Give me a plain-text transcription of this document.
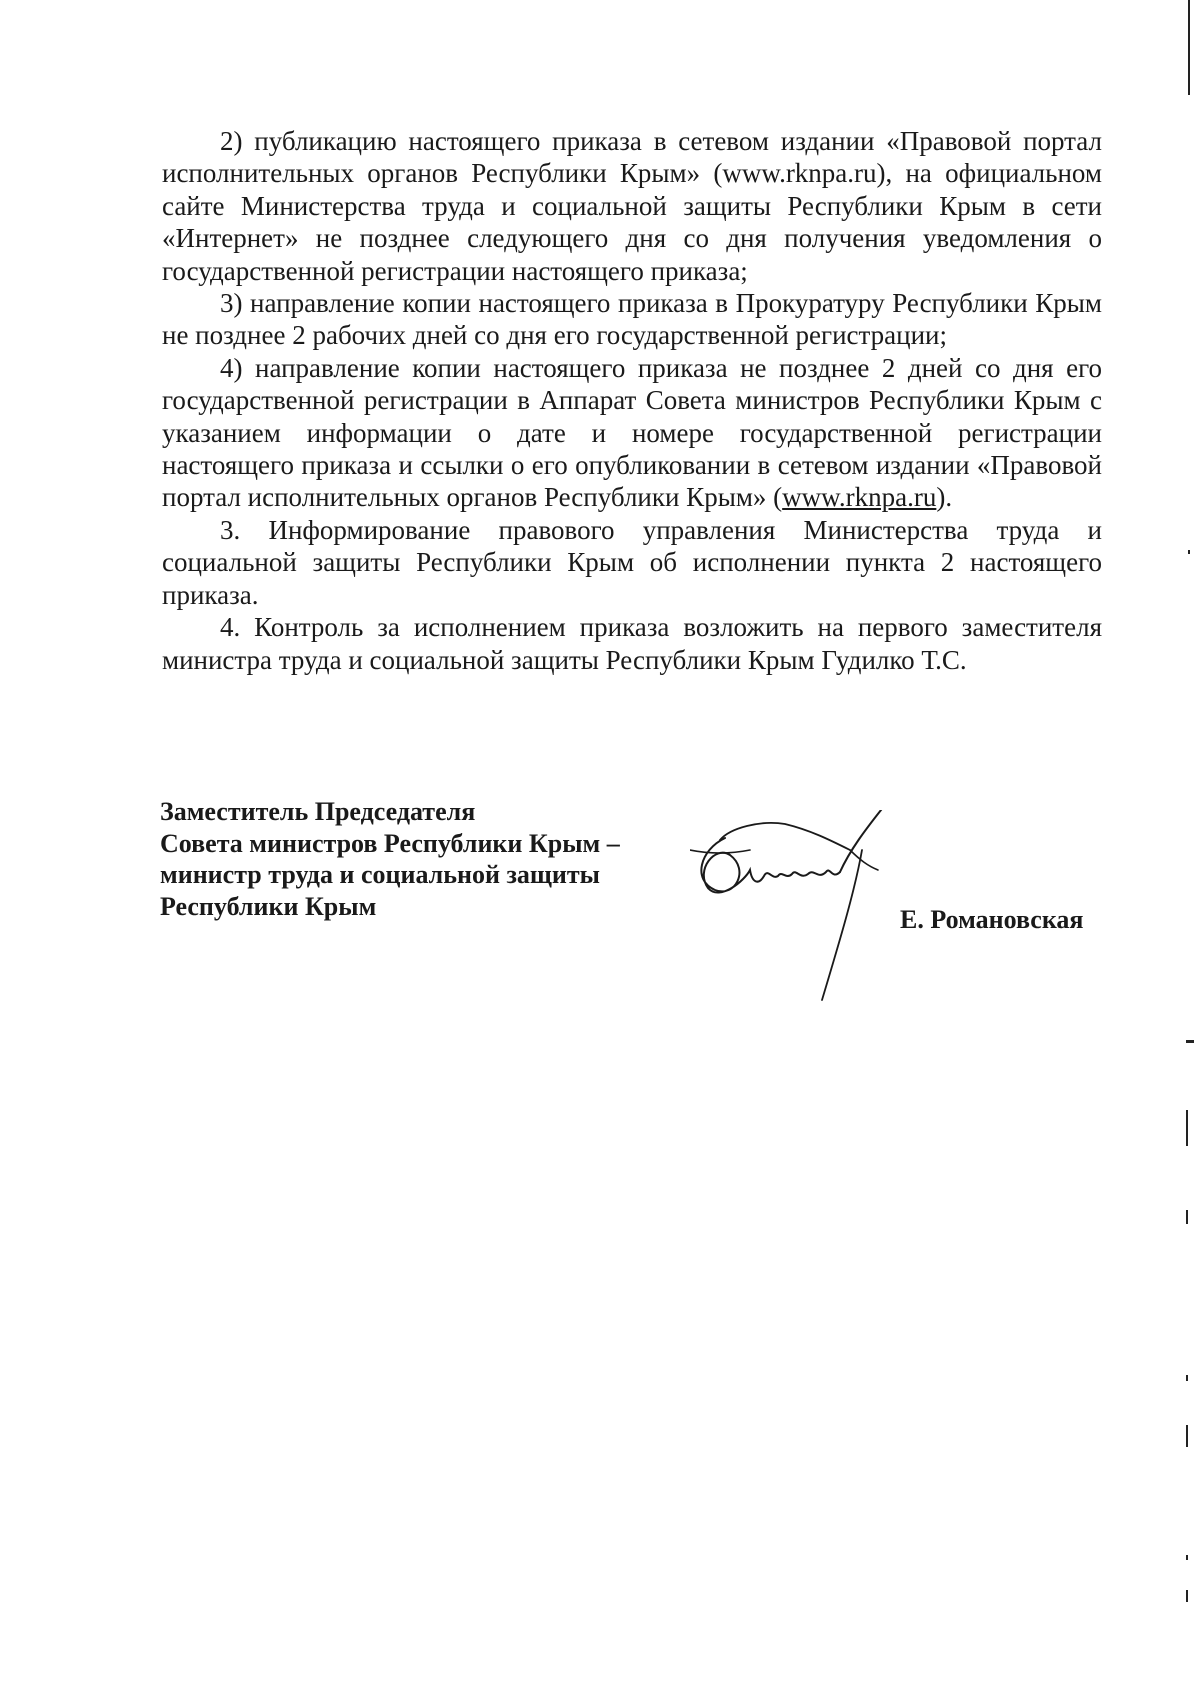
2) публикацию настоящего приказа в сетевом издании «Правовой портал исполнительных органов Республики Крым» (www.rknpa.ru), на официальном сайте Министерства труда и социальной защиты Республики Крым в сети «Интернет» не позднее следующего дня со дня получения уведомления о государственной регистрации настоящего приказа;

3) направление копии настоящего приказа в Прокуратуру Республики Крым не позднее 2 рабочих дней со дня его государственной регистрации;

4) направление копии настоящего приказа не позднее 2 дней со дня его государственной регистрации в Аппарат Совета министров Республики Крым с указанием информации о дате и номере государственной регистрации настоящего приказа и ссылки о его опубликовании в сетевом издании «Правовой портал исполнительных органов Республики Крым» (www.rknpa.ru).

3. Информирование правового управления Министерства труда и социальной защиты Республики Крым об исполнении пункта 2 настоящего приказа.

4. Контроль за исполнением приказа возложить на первого заместителя министра труда и социальной защиты Республики Крым Гудилко Т.С.

Заместитель Председателя
Совета министров Республики Крым –
министр труда и социальной защиты
Республики Крым	Е. Романовская
